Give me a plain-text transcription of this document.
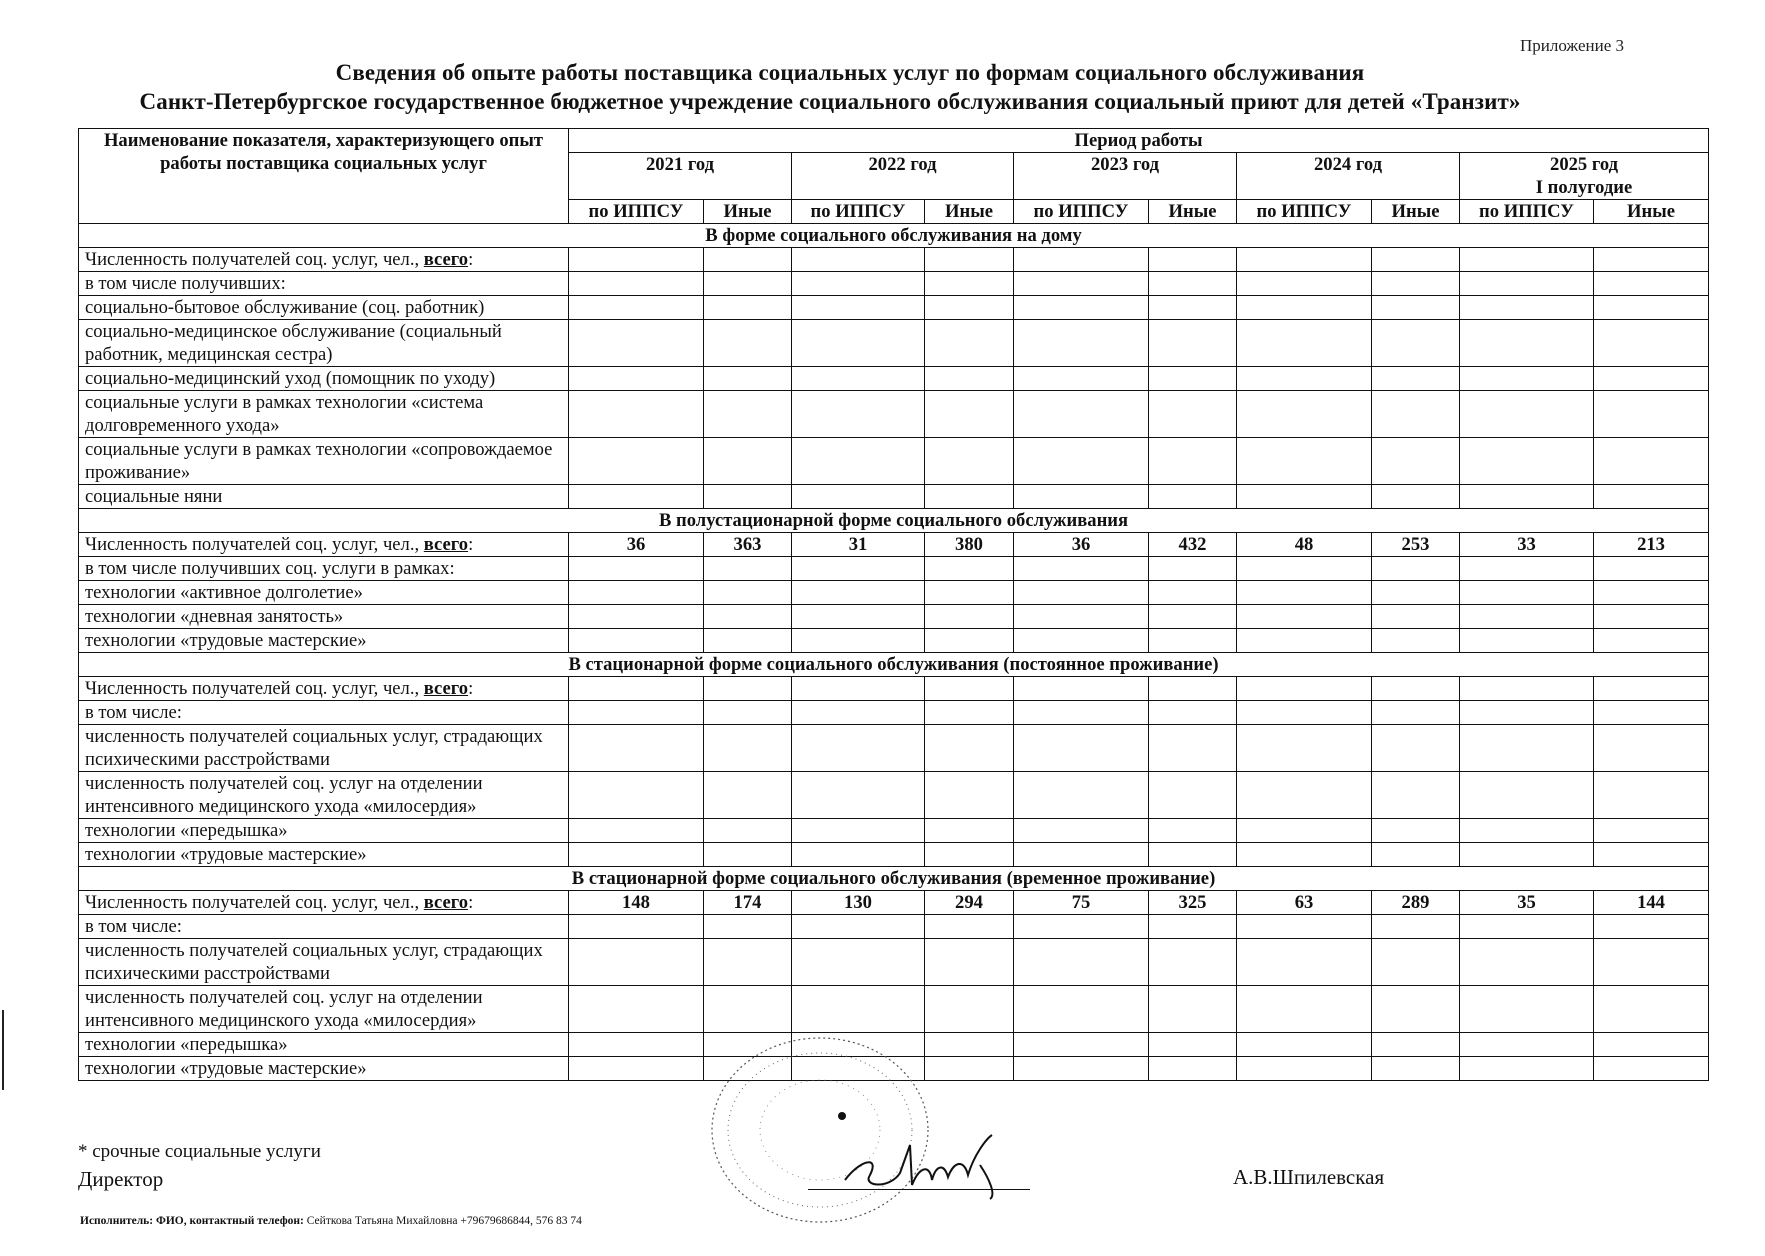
Приложение 3
Сведения об опыте работы поставщика социальных услуг по формам социального обслуживания
Санкт-Петербургское государственное бюджетное учреждение социального обслуживания социальный приют для детей «Транзит»
Наименование показателя, характеризующего опыт работы поставщика социальных услуг	Период работы									
	2021 год		2022 год		2023 год		2024 год		2025 год
I полугодие	

	по ИППСУ	Иные	по ИППСУ	Иные	по ИППСУ	Иные	по ИППСУ	Иные	по ИППСУ	Иные
В форме социального обслуживания на дому										
Численность получателей соц. услуг, чел., всего:										
в том числе получивших:										
социально-бытовое обслуживание (соц. работник)										
социально-медицинское обслуживание (социальный работник, медицинская сестра)										
социально-медицинский уход (помощник по уходу)										
социальные услуги в рамках технологии «система долговременного ухода»										
социальные услуги в рамках технологии «сопровождаемое проживание»										
социальные няни										
В полустационарной форме социального обслуживания										
Численность получателей соц. услуг, чел., всего:	36	363	31	380	36	432	48	253	33	213
в том числе получивших соц. услуги в рамках:										
технологии «активное долголетие»										
технологии «дневная занятость»										
технологии «трудовые мастерские»										
В стационарной форме социального обслуживания (постоянное проживание)										
Численность получателей соц. услуг, чел., всего:										
в том числе:										
численность получателей социальных услуг, страдающих психическими расстройствами										
численность получателей соц. услуг на отделении интенсивного медицинского ухода «милосердия»										
технологии «передышка»										
технологии «трудовые мастерские»										
В стационарной форме социального обслуживания (временное проживание)										
Численность получателей соц. услуг, чел., всего:	148	174	130	294	75	325	63	289	35	144
в том числе:										
численность получателей социальных услуг, страдающих психическими расстройствами										
численность получателей соц. услуг на отделении интенсивного медицинского ухода «милосердия»										
технологии «передышка»										
технологии «трудовые мастерские»										
* срочные социальные услуги
Директор	А.В.Шпилевская
Исполнитель: ФИО, контактный телефон: Сейткова Татьяна Михайловна +79679686844, 576 83 74
